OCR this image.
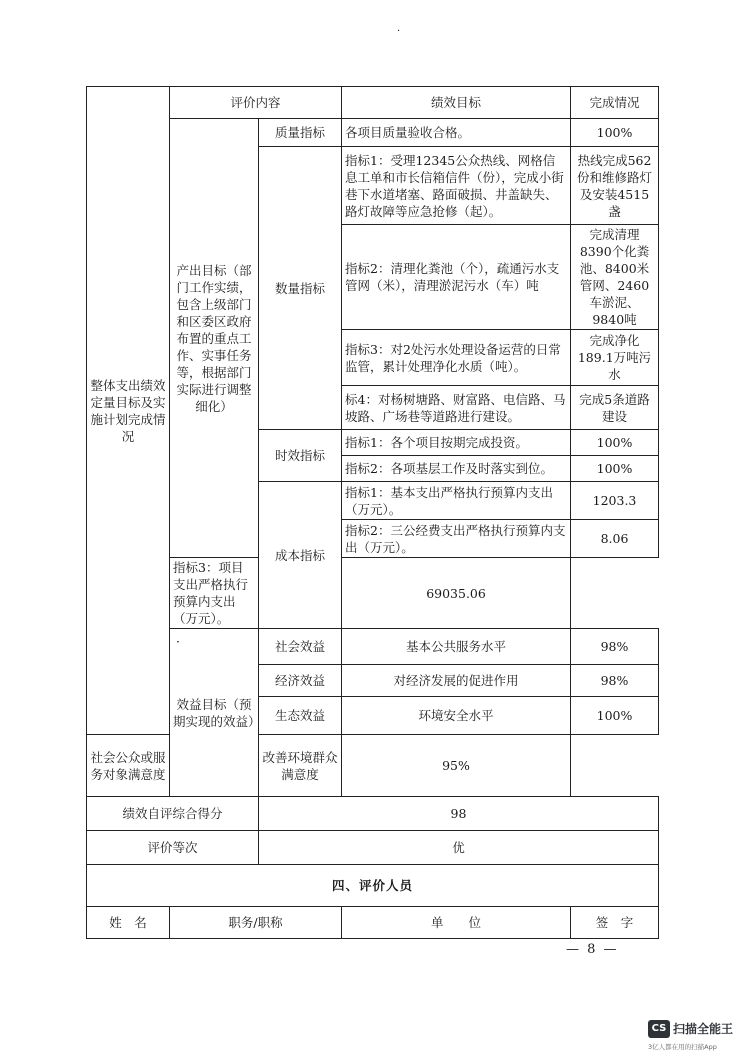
·
整体支出绩效定量目标及实施计划完成情况	评价内容		绩效目标	完成情况
	产出目标（部门工作实绩，包含上级部门和区委区政府布置的重点工作、实事任务等，根据部门实际进行调整细化）	质量指标	各项目质量验收合格。	100%
		数量指标	指标1：受理12345公众热线、网格信息工单和市长信箱信件（份），完成小街巷下水道堵塞、路面破损、井盖缺失、路灯故障等应急抢修（起）。	热线完成562份和维修路灯及安装4515盏
			指标2：清理化粪池（个），疏通污水支管网（米），清理淤泥污水（车）吨	完成清理8390个化粪池、8400米管网、2460车淤泥、9840吨
			指标3：对2处污水处理设备运营的日常监管，累计处理净化水质（吨）。	完成净化189.1万吨污水
			标4：对杨树塘路、财富路、电信路、马坡路、广场巷等道路进行建设。	完成5条道路建设
		时效指标	指标1：各个项目按期完成投资。	100%
			指标2：各项基层工作及时落实到位。	100%
		成本指标	指标1：基本支出严格执行预算内支出（万元）。	1203.3
			指标2：三公经费支出严格执行预算内支出（万元）。	8.06
	指标3：项目支出严格执行预算内支出（万元）。		69035.06	

	·
效益目标（预期实现的效益）	社会效益	基本公共服务水平	98%
		经济效益	对经济发展的促进作用	98%
		生态效益	环境安全水平	100%
社会公众或服务对象满意度		改善环境群众满意度	95%	
绩效自评综合得分		98		
评价等次		优		
四、评价人员				
姓　名	职务/职称		单　　位	签　字
— 8 —
CS 扫描全能王
3亿人都在用的扫描App
